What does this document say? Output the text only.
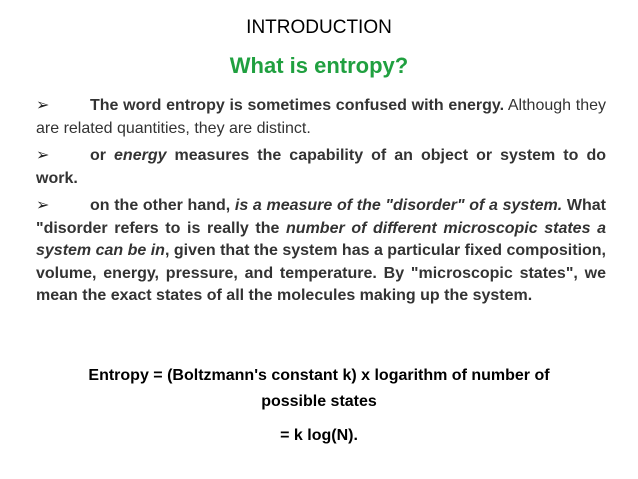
INTRODUCTION
What is entropy?

➢	The word entropy is sometimes confused with energy. Although they are related quantities, they are distinct.

➢	or energy measures the capability of an object or system to do work.

➢	on the other hand, is a measure of the "disorder" of a system. What "disorder refers to is really the number of different microscopic states a system can be in, given that the system has a particular fixed composition, volume, energy, pressure, and temperature. By "microscopic states", we mean the exact states of all the molecules making up the system.

Entropy = (Boltzmann's constant k) x logarithm of number of
possible states
= k log(N).
